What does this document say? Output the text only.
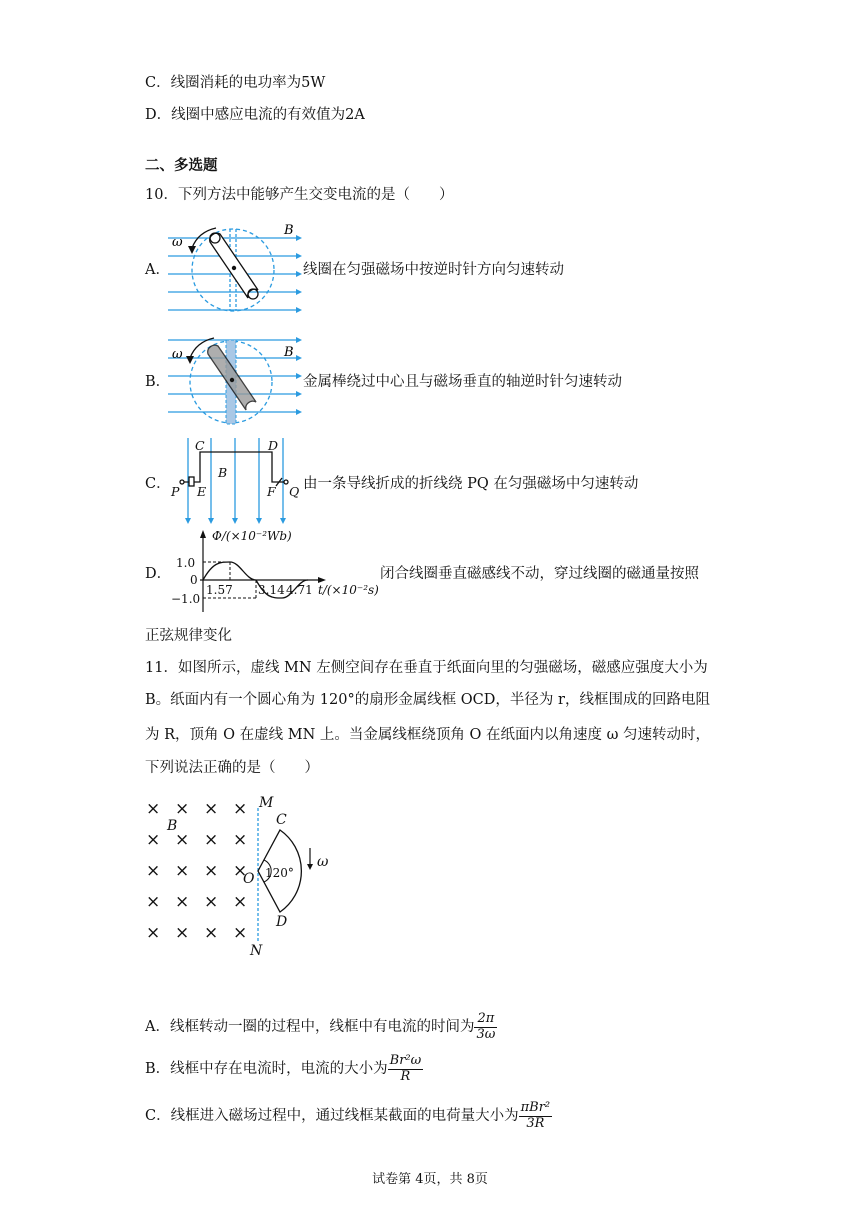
C．线圈消耗的电功率为5W
D．线圈中感应电流的有效值为2A
二、多选题
10．下列方法中能够产生交变电流的是（　　）
A．
ω
B
线圈在匀强磁场中按逆时针方向匀速转动
B．
ω	B
金属棒绕过中心且与磁场垂直的轴逆时针匀速转动
C．
C	D
B
P E	F Q 由一条导线折成的折线绕 PQ 在匀强磁场中匀速转动
D．
Φ/(×10⁻²Wb)
1.0
0
−1.0
1.57 3.14 4.71 t/(×10⁻²s)
闭合线圈垂直磁感线不动，穿过线圈的磁通量按照
正弦规律变化
11．如图所示，虚线 MN 左侧空间存在垂直于纸面向里的匀强磁场，磁感应强度大小为
B。纸面内有一个圆心角为 120°的扇形金属线框 OCD，半径为 r，线框围成的回路电阻
为 R，顶角 O 在虚线 MN 上。当金属线框绕顶角 O 在纸面内以角速度 ω 匀速转动时，
下列说法正确的是（　　）
× × × ×
× × × ×
× × × ×
× × × ×
× × × ×
M
N
B
O
C
D
ω
120°
A．线框转动一圈的过程中，线框中有电流的时间为 $\frac{2\pi}{3\omega}$
B．线框中存在电流时，电流的大小为 $\frac{\text{Br²ω}}{R}$
C．线框进入磁场过程中，通过线框某截面的电荷量大小为 $\frac{\text{πBr²}}{3R}$
试卷第 4页，共 8页
